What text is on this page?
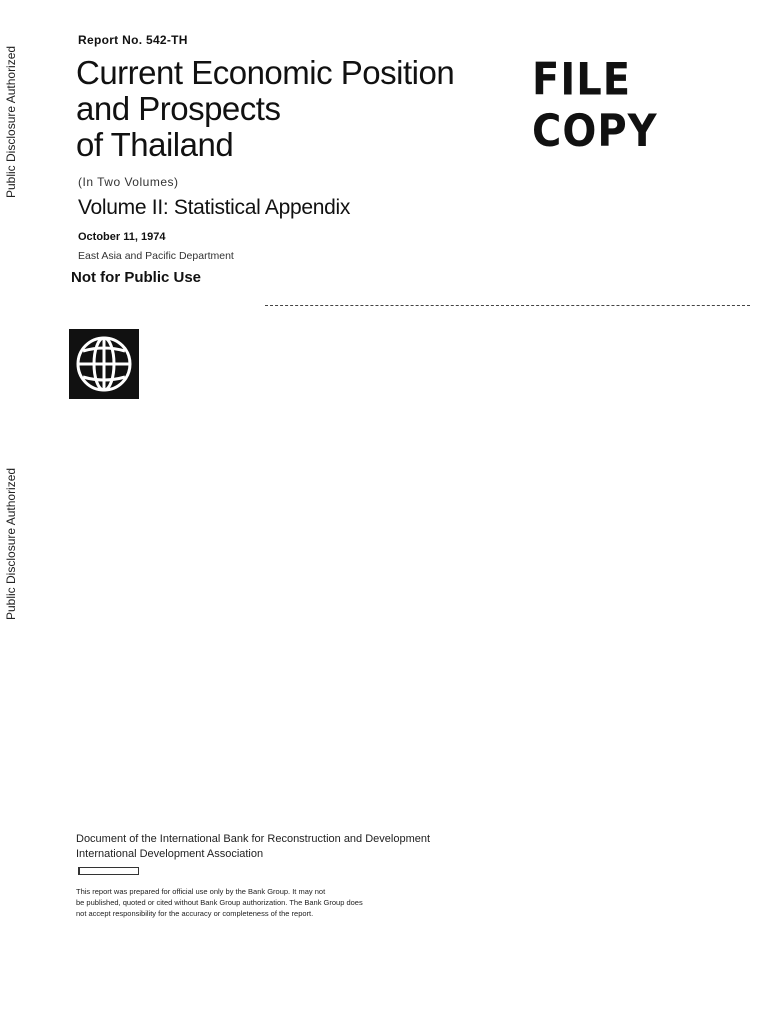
Public Disclosure Authorized
Public Disclosure Authorized
Report No. 542-TH
Current Economic Position
and Prospects
of Thailand
FILE COPY
(In Two Volumes)
Volume II: Statistical Appendix
October 11, 1974
East Asia and Pacific Department
Not for Public Use
Document of the International Bank for Reconstruction and Development
International Development Association
This report was prepared for official use only by the Bank Group. It may not
be published, quoted or cited without Bank Group authorization. The Bank Group does
not accept responsibility for the accuracy or completeness of the report.
